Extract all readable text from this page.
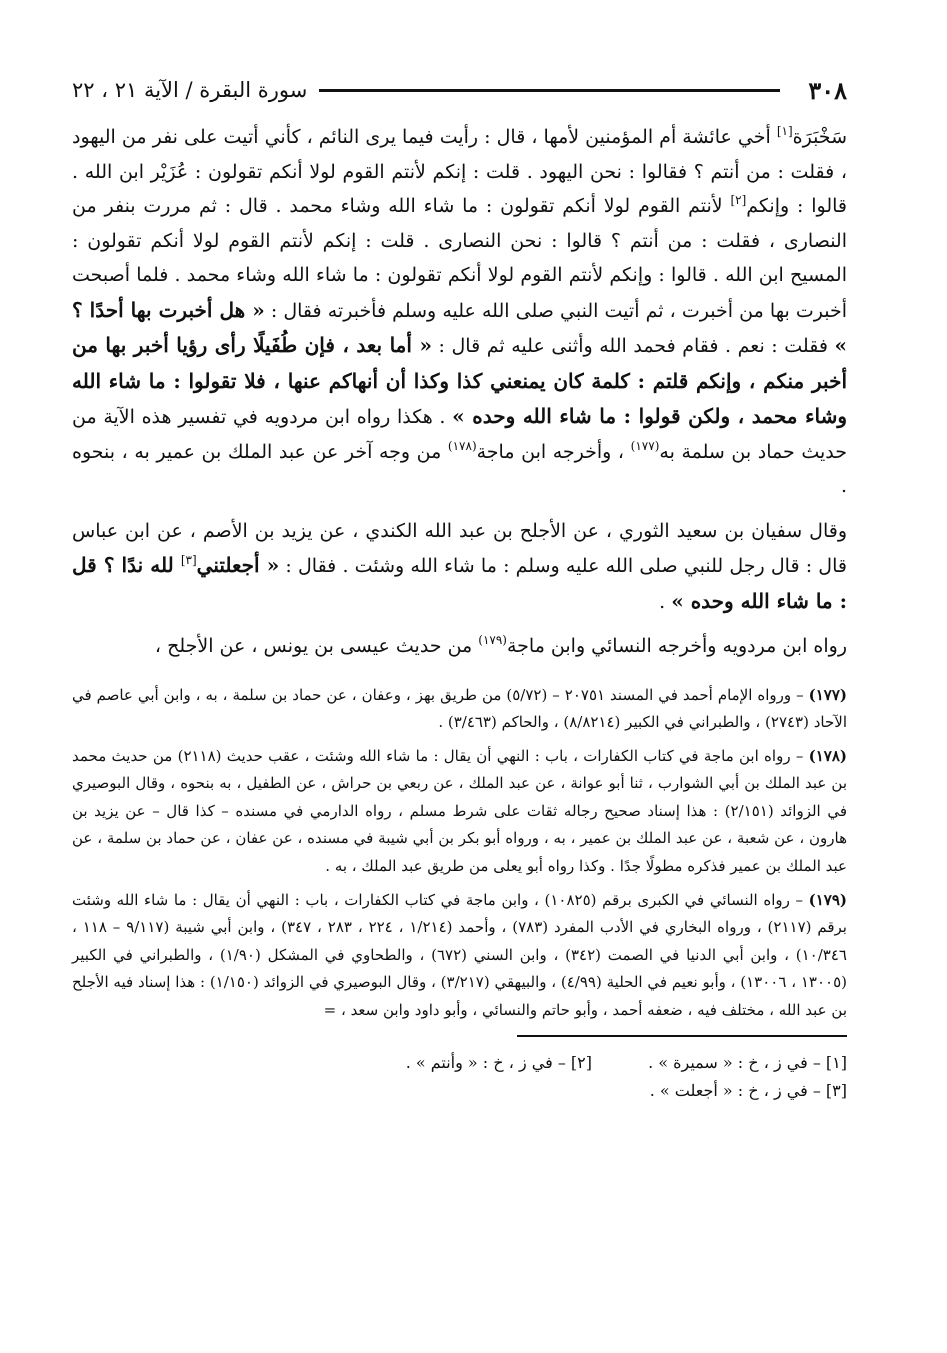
٣٠٨
سورة البقرة / الآية ٢١ ، ٢٢

سَخْبَرَة[١] أخي عائشة أم المؤمنين لأمها ، قال : رأيت فيما يرى النائم ، كأني أتيت على نفر من اليهود ، فقلت : من أنتم ؟ فقالوا : نحن اليهود . قلت : إنكم لأنتم القوم لولا أنكم تقولون : عُزَيْر ابن الله . قالوا : وإنكم[٢] لأنتم القوم لولا أنكم تقولون : ما شاء الله وشاء محمد . قال : ثم مررت بنفر من النصارى ، فقلت : من أنتم ؟ قالوا : نحن النصارى . قلت : إنكم لأنتم القوم لولا أنكم تقولون : المسيح ابن الله . قالوا : وإنكم لأنتم القوم لولا أنكم تقولون : ما شاء الله وشاء محمد . فلما أصبحت أخبرت بها من أخبرت ، ثم أتيت النبي صلى الله عليه وسلم فأخبرته فقال : « هل أخبرت بها أحدًا ؟ » فقلت : نعم . فقام فحمد الله وأثنى عليه ثم قال : « أما بعد ، فإن طُفَيلًا رأى رؤيا أخبر بها من أخبر منكم ، وإنكم قلتم : كلمة كان يمنعني كذا وكذا أن أنهاكم عنها ، فلا تقولوا : ما شاء الله وشاء محمد ، ولكن قولوا : ما شاء الله وحده » . هكذا رواه ابن مردويه في تفسير هذه الآية من حديث حماد بن سلمة به$^{(١٧٧)}$ ، وأخرجه ابن ماجة$^{(١٧٨)}$ من وجه آخر عن عبد الملك بن عمير به ، بنحوه .

وقال سفيان بن سعيد الثوري ، عن الأجلح بن عبد الله الكندي ، عن يزيد بن الأصم ، عن ابن عباس قال : قال رجل للنبي صلى الله عليه وسلم : ما شاء الله وشئت . فقال : « أجعلتني[٣] لله ندًا ؟ قل : ما شاء الله وحده » .

رواه ابن مردويه وأخرجه النسائي وابن ماجة$^{(١٧٩)}$ من حديث عيسى بن يونس ، عن الأجلح ،

(١٧٧) – ورواه الإمام أحمد في المسند ٢٠٧٥١ – (٥/٧٢) من طريق بهز ، وعفان ، عن حماد بن سلمة ، به ، وابن أبي عاصم في الآحاد (٢٧٤٣) ، والطبراني في الكبير (٨/٨٢١٤) ، والحاكم (٣/٤٦٣) .

(١٧٨) – رواه ابن ماجة في كتاب الكفارات ، باب : النهي أن يقال : ما شاء الله وشئت ، عقب حديث (٢١١٨) من حديث محمد بن عبد الملك بن أبي الشوارب ، ثنا أبو عوانة ، عن عبد الملك ، عن ربعي بن حراش ، عن الطفيل ، به بنحوه ، وقال البوصيري في الزوائد (٢/١٥١) : هذا إسناد صحيح رجاله ثقات على شرط مسلم ، رواه الدارمي في مسنده – كذا قال – عن يزيد بن هارون ، عن شعبة ، عن عبد الملك بن عمير ، به ، ورواه أبو بكر بن أبي شيبة في مسنده ، عن عفان ، عن حماد بن سلمة ، عن عبد الملك بن عمير فذكره مطولًا جدًا . وكذا رواه أبو يعلى من طريق عبد الملك ، به .

(١٧٩) – رواه النسائي في الكبرى برقم (١٠٨٢٥) ، وابن ماجة في كتاب الكفارات ، باب : النهي أن يقال : ما شاء الله وشئت برقم (٢١١٧) ، ورواه البخاري في الأدب المفرد (٧٨٣) ، وأحمد (١/٢١٤ ، ٢٢٤ ، ٢٨٣ ، ٣٤٧) ، وابن أبي شيبة (٩/١١٧ – ١١٨ ، ١٠/٣٤٦) ، وابن أبي الدنيا في الصمت (٣٤٢) ، وابن السني (٦٧٢) ، والطحاوي في المشكل (١/٩٠) ، والطبراني في الكبير (١٣٠٠٥ ، ١٣٠٠٦) ، وأبو نعيم في الحلية (٤/٩٩) ، والبيهقي (٣/٢١٧) ، وقال البوصيري في الزوائد (١/١٥٠) : هذا إسناد فيه الأجلح بن عبد الله ، مختلف فيه ، ضعفه أحمد ، وأبو حاتم والنسائي ، وأبو داود وابن سعد ، =

[١] – في ز ، خ : « سميرة » .
[٢] – في ز ، خ : « وأنتم » .
[٣] – في ز ، خ : « أجعلت » .
